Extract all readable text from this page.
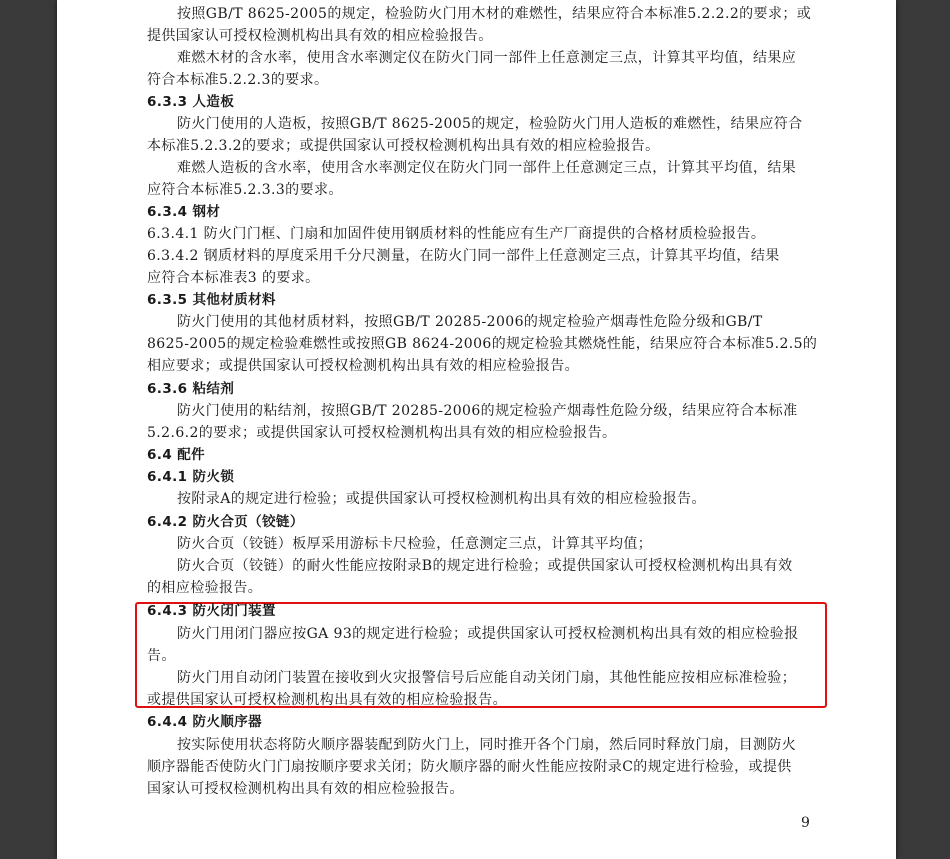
按照GB/T 8625-2005的规定，检验防火门用木材的难燃性，结果应符合本标准5.2.2.2的要求；或
提供国家认可授权检测机构出具有效的相应检验报告。
难燃木材的含水率，使用含水率测定仪在防火门同一部件上任意测定三点，计算其平均值，结果应
符合本标准5.2.2.3的要求。
6.3.3 人造板
防火门使用的人造板，按照GB/T 8625-2005的规定，检验防火门用人造板的难燃性，结果应符合
本标准5.2.3.2的要求；或提供国家认可授权检测机构出具有效的相应检验报告。
难燃人造板的含水率，使用含水率测定仪在防火门同一部件上任意测定三点，计算其平均值，结果
应符合本标准5.2.3.3的要求。
6.3.4 钢材
6.3.4.1 防火门门框、门扇和加固件使用钢质材料的性能应有生产厂商提供的合格材质检验报告。
6.3.4.2 钢质材料的厚度采用千分尺测量，在防火门同一部件上任意测定三点，计算其平均值，结果
应符合本标准表3 的要求。
6.3.5 其他材质材料
防火门使用的其他材质材料，按照GB/T 20285-2006的规定检验产烟毒性危险分级和GB/T
8625-2005的规定检验难燃性或按照GB 8624-2006的规定检验其燃烧性能，结果应符合本标准5.2.5的
相应要求；或提供国家认可授权检测机构出具有效的相应检验报告。
6.3.6 粘结剂
防火门使用的粘结剂，按照GB/T 20285-2006的规定检验产烟毒性危险分级，结果应符合本标准
5.2.6.2的要求；或提供国家认可授权检测机构出具有效的相应检验报告。
6.4 配件
6.4.1 防火锁
按附录A的规定进行检验；或提供国家认可授权检测机构出具有效的相应检验报告。
6.4.2 防火合页（铰链）
防火合页（铰链）板厚采用游标卡尺检验，任意测定三点，计算其平均值；
防火合页（铰链）的耐火性能应按附录B的规定进行检验；或提供国家认可授权检测机构出具有效
的相应检验报告。
6.4.3 防火闭门装置
防火门用闭门器应按GA 93的规定进行检验；或提供国家认可授权检测机构出具有效的相应检验报
告。
防火门用自动闭门装置在接收到火灾报警信号后应能自动关闭门扇，其他性能应按相应标准检验；
或提供国家认可授权检测机构出具有效的相应检验报告。
6.4.4 防火顺序器
按实际使用状态将防火顺序器装配到防火门上，同时推开各个门扇，然后同时释放门扇，目测防火
顺序器能否使防火门门扇按顺序要求关闭；防火顺序器的耐火性能应按附录C的规定进行检验，或提供
国家认可授权检测机构出具有效的相应检验报告。
9
